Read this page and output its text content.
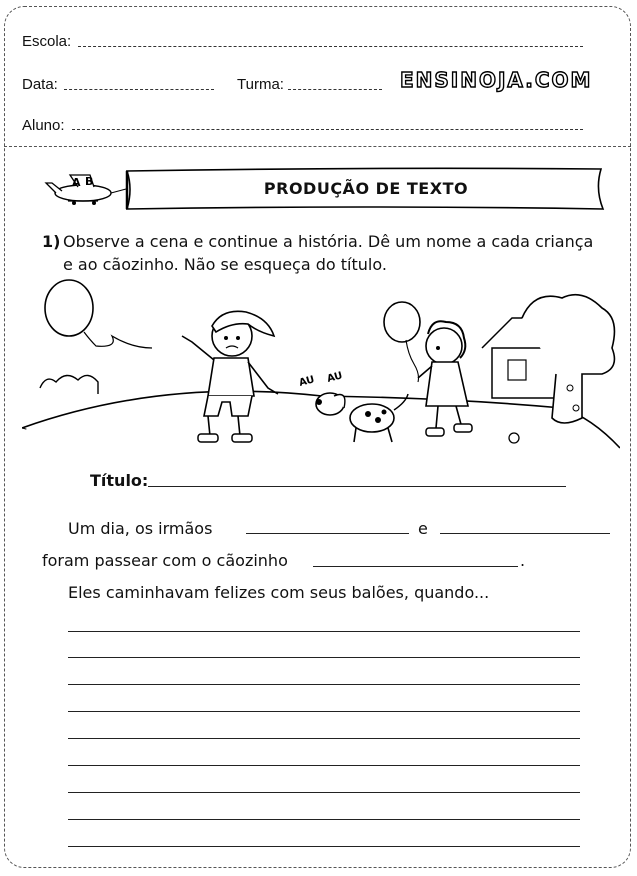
Escola:
Data:	Turma:	ENSINOJA.COM
Aluno:
A B	PRODUÇÃO DE TEXTO
1) Observe a cena e continue a história. Dê um nome a cada criança
e ao cãozinho. Não se esqueça do título.
AU AU
Título:
Um dia, os irmãos	e
foram passear com o cãozinho	.
Eles caminhavam felizes com seus balões, quando...
